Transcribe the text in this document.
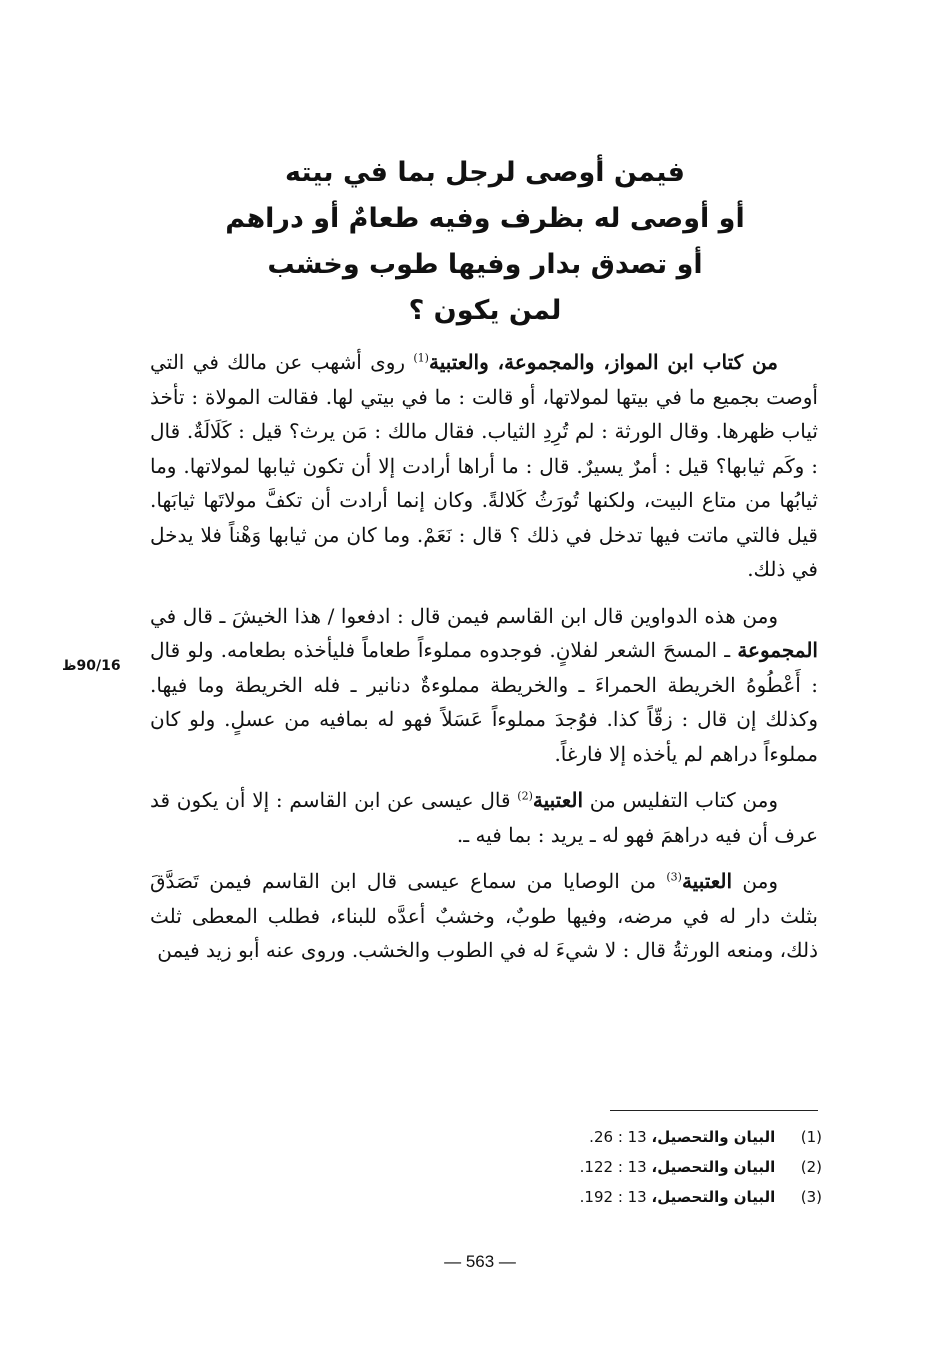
فيمن أوصى لرجل بما في بيته
أو أوصى له بظرف وفيه طعامٌ أو دراهم
أو تصدق بدار وفيها طوب وخشب
لمن يكون ؟

من كتاب ابن المواز، والمجموعة، والعتبية$^{(1)}$ روى أشهب عن مالك في التي أوصت بجميع ما في بيتها لمولاتها، أو قالت : ما في بيتي لها. فقالت المولاة : تأخذ ثياب ظهرها. وقال الورثة : لم تُرِدِ الثياب. فقال مالك : مَن يرث؟ قيل : كَلَالَةٌ. قال : وكَم ثيابها؟ قيل : أمرٌ يسيرٌ. قال : ما أراها أرادت إلا أن تكون ثيابها لمولاتها. وما ثيابُها من متاع البيت، ولكنها تُورَثُ كَلالةً. وكان إنما أرادت أن تكفَّ مولاتَها ثيابَها. قيل فالتي ماتت فيها تدخل في ذلك ؟ قال : نَعَمْ. وما كان من ثيابها وَهْناً فلا يدخل في ذلك.

ومن هذه الدواوين قال ابن القاسم فيمن قال : ادفعوا / هذا الخيشَ ـ قال في المجموعة ـ المسحَ الشعر لفلانٍ. فوجدوه مملوءاً طعاماً فليأخذه بطعامه. ولو قال : أَعْطُوهُ الخريطة الحمراءَ ـ والخريطة مملوءةٌ دنانير ـ فله الخريطة وما فيها. وكذلك إن قال : زقّاً كذا. فوُجدَ مملوءاً عَسَلاً فهو له بمافيه من عسلٍ. ولو كان مملوءاً دراهم لم يأخذه إلا فارغاً.

ومن كتاب التفليس من العتبية$^{(2)}$ قال عيسى عن ابن القاسم : إلا أن يكون قد عرف أن فيه دراهمَ فهو له ـ يريد : بما فيه ـ.

ومن العتبية$^{(3)}$ من الوصايا من سماع عيسى قال ابن القاسم فيمن تَصَدَّقَ بثلث دار له في مرضه، وفيها طوبٌ، وخشبٌ أعدَّه للبناء، فطلب المعطى ثلث ذلك، ومنعه الورثةُ قال : لا شيءَ له في الطوب والخشب. وروى عنه أبو زيد فيمن

90/16ظ
(1) البيان والتحصيل، 13 : 26.
(2) البيان والتحصيل، 13 : 122.
(3) البيان والتحصيل، 13 : 192.
— 563 —
